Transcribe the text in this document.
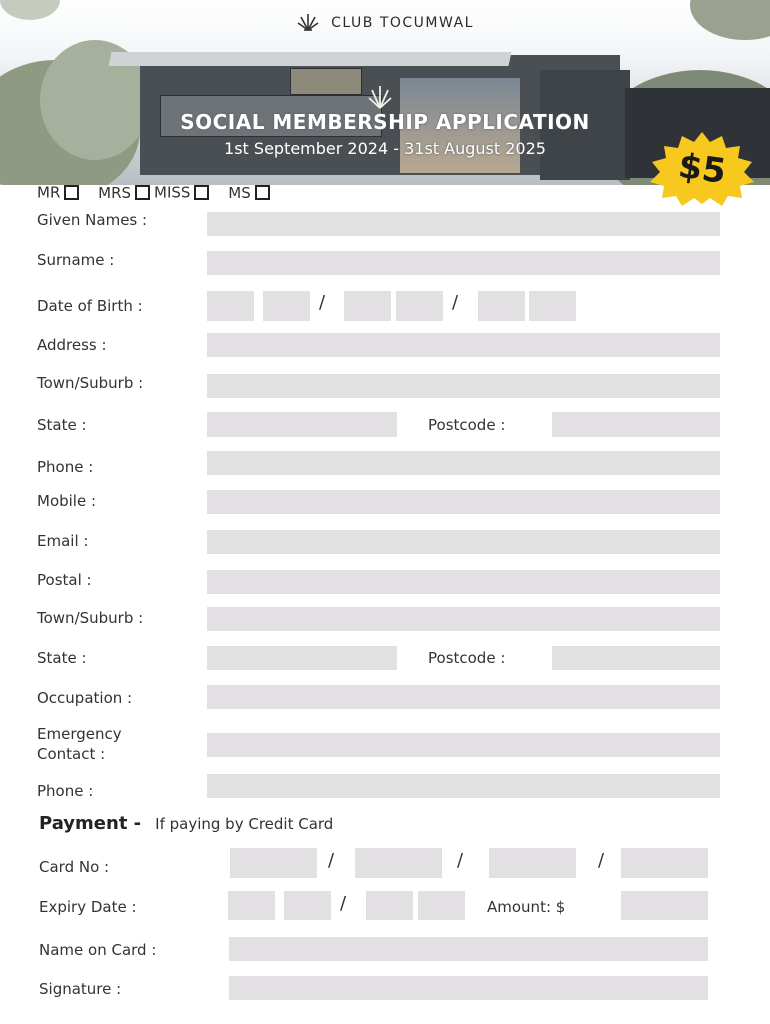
CLUB TOCUMWAL
SOCIAL MEMBERSHIP APPLICATION
1st September 2024 - 31st August 2025	$5
MR	MRS MISS	MS
Given Names :
Surname :
Date of Birth :	/	/
Address :
Town/Suburb :
State :	Postcode :
Phone :
Mobile :
Email :
Postal :
Town/Suburb :
State :	Postcode :
Occupation :
Emergency
Contact :
Phone :
Payment - If paying by Credit Card
Card No :	/	/	/
Expiry Date :	/	Amount: $
Name on Card :
Signature :
